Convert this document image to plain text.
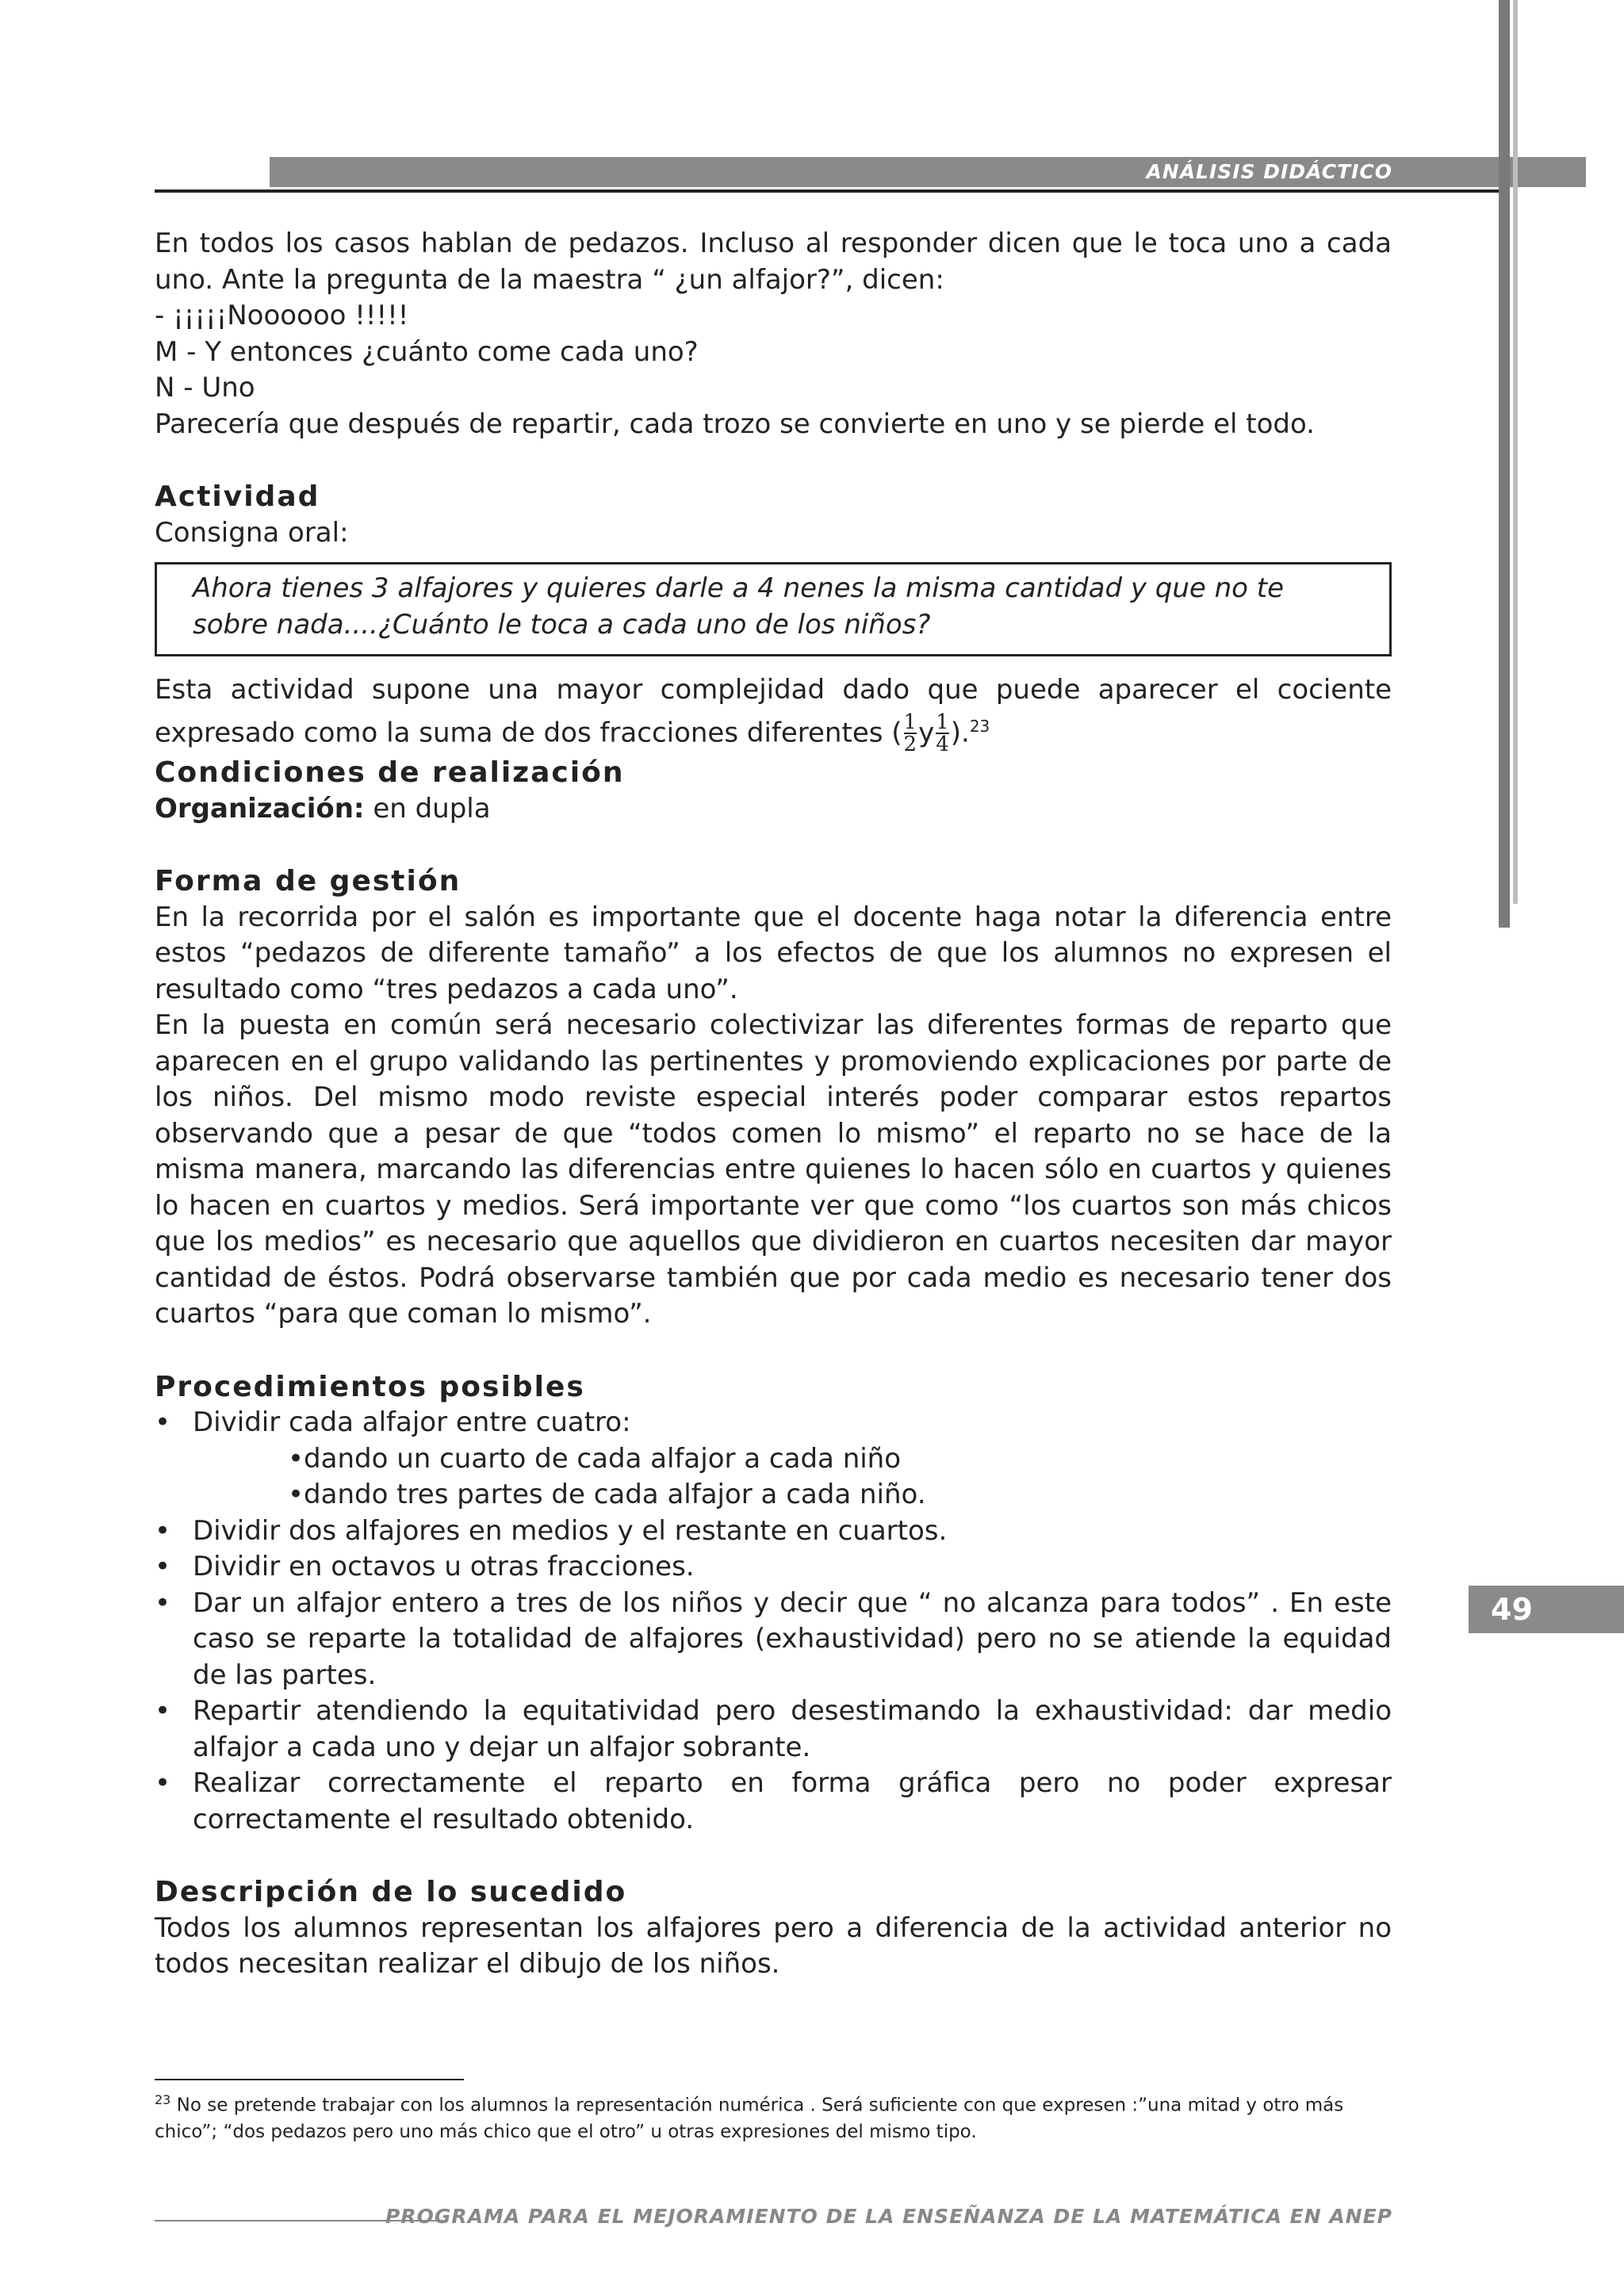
ANÁLISIS DIDÁCTICO
49

En todos los casos hablan de pedazos. Incluso al responder dicen que le toca uno a cada uno. Ante la pregunta de la maestra “ ¿un alfajor?”, dicen:

- ¡¡¡¡¡Noooooo !!!!!

M - Y entonces ¿cuánto come cada uno?

N - Uno

Parecería que después de repartir, cada trozo se convierte en uno y se pierde el todo.

Actividad

Consigna oral:

Ahora tienes 3 alfajores y quieres darle a 4 nenes la misma cantidad y que no te sobre nada....¿Cuánto le toca a cada uno de los niños?

Esta actividad supone una mayor complejidad dado que puede aparecer el cociente expresado como la suma de dos fracciones diferentes ( $\frac{1}{2}$ y $\frac{1}{4} ).^{23}$

Condiciones de realización

Organización: en dupla

Forma de gestión

En la recorrida por el salón es importante que el docente haga notar la diferencia entre estos “pedazos de diferente tamaño” a los efectos de que los alumnos no expresen el resultado como “tres pedazos a cada uno”.

En la puesta en común será necesario colectivizar las diferentes formas de reparto que aparecen en el grupo validando las pertinentes y promoviendo explicaciones por parte de los niños. Del mismo modo reviste especial interés poder comparar estos repartos observando que a pesar de que “todos comen lo mismo” el reparto no se hace de la misma manera, marcando las diferencias entre quienes lo hacen sólo en cuartos y quienes lo hacen en cuartos y medios. Será importante ver que como “los cuartos son más chicos que los medios” es necesario que aquellos que dividieron en cuartos necesiten dar mayor cantidad de éstos. Podrá observarse también que por cada medio es necesario tener dos cuartos “para que coman lo mismo”.

Procedimientos posibles

• Dividir cada alfajor entre cuatro:
•dando un cuarto de cada alfajor a cada niño
•dando tres partes de cada alfajor a cada niño.
• Dividir dos alfajores en medios y el restante en cuartos.
• Dividir en octavos u otras fracciones.
• Dar un alfajor entero a tres de los niños y decir que “ no alcanza para todos” . En este caso se reparte la totalidad de alfajores (exhaustividad) pero no se atiende la equidad de las partes.
• Repartir atendiendo la equitatividad pero desestimando la exhaustividad: dar medio alfajor a cada uno y dejar un alfajor sobrante.
• Realizar correctamente el reparto en forma gráfica pero no poder expresar correctamente el resultado obtenido.

Descripción de lo sucedido

Todos los alumnos representan los alfajores pero a diferencia de la actividad anterior no todos necesitan realizar el dibujo de los niños.

$^{23}$ No se pretende trabajar con los alumnos la representación numérica . Será suficiente con que expresen :”una mitad y otro más chico”; “dos pedazos pero uno más chico que el otro” u otras expresiones del mismo tipo.
PROGRAMA PARA EL MEJORAMIENTO DE LA ENSEÑANZA DE LA MATEMÁTICA EN ANEP
